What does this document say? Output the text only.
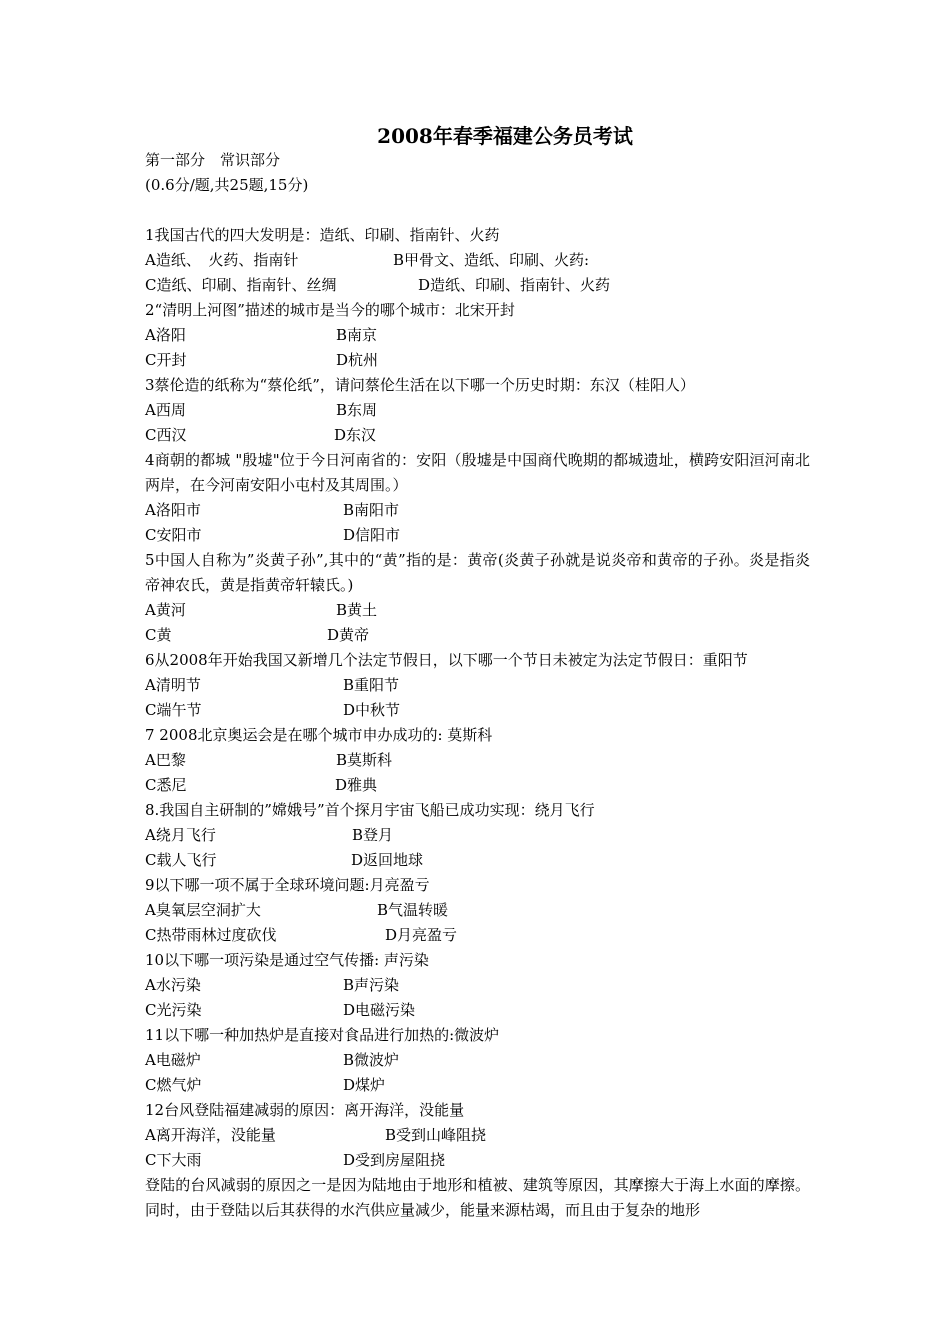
2008年春季福建公务员考试
第一部分　常识部分
(0.6分/题,共25题,15分)
1我国古代的四大发明是：造纸、印刷、指南针、火药
A造纸、　火药、指南针	B甲骨文、造纸、印刷、火药:
C造纸、印刷、指南针、丝绸	D造纸、印刷、指南针、火药
2“清明上河图”描述的城市是当今的哪个城市：北宋开封
A洛阳	B南京
C开封	D杭州
3蔡伦造的纸称为“蔡伦纸”，请问蔡伦生活在以下哪一个历史时期：东汉（桂阳人）
A西周	B东周
C西汉	D东汉
4商朝的都城 "殷墟"位于今日河南省的：安阳（殷墟是中国商代晚期的都城遗址，横跨安阳洹河南北两岸，在今河南安阳小屯村及其周围。）
A洛阳市	B南阳市
C安阳市	D信阳市
5中国人自称为”炎黄子孙”,其中的“黄”指的是：黄帝(炎黄子孙就是说炎帝和黄帝的子孙。炎是指炎帝神农氏，黄是指黄帝轩辕氏。)
A黄河	B黄土
C黄	D黄帝
6从2008年开始我国又新增几个法定节假日，以下哪一个节日未被定为法定节假日：重阳节
A清明节	B重阳节
C端午节	D中秋节
7 2008北京奥运会是在哪个城市申办成功的: 莫斯科
A巴黎	B莫斯科
C悉尼	D雅典
8.我国自主研制的”嫦娥号”首个探月宇宙飞船已成功实现：绕月飞行
A绕月飞行	B登月
C载人飞行	D返回地球
9以下哪一项不属于全球环境问题:月亮盈亏
A臭氧层空洞扩大	B气温转暖
C热带雨林过度砍伐	D月亮盈亏
10以下哪一项污染是通过空气传播: 声污染
A水污染	B声污染
C光污染	D电磁污染
11以下哪一种加热炉是直接对食品进行加热的:微波炉
A电磁炉	B微波炉
C燃气炉	D煤炉
12台风登陆福建减弱的原因：离开海洋，没能量
A离开海洋，没能量	B受到山峰阻挠
C下大雨	D受到房屋阻挠
登陆的台风减弱的原因之一是因为陆地由于地形和植被、建筑等原因，其摩擦大于海上水面的摩擦。同时，由于登陆以后其获得的水汽供应量减少，能量来源枯竭，而且由于复杂的地形
